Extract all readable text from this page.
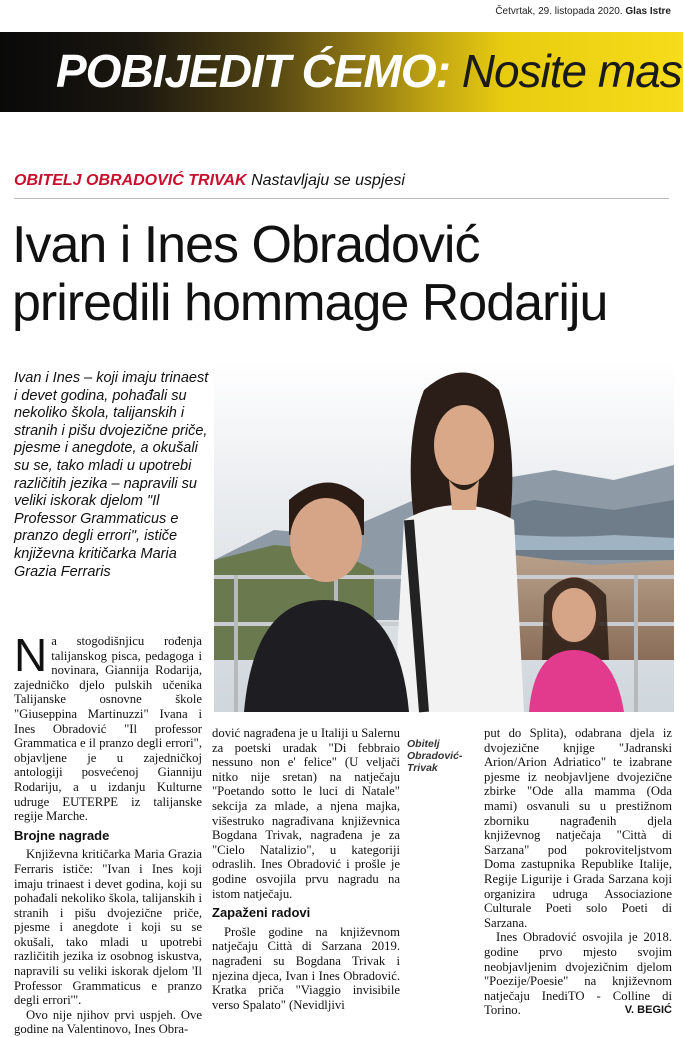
Četvrtak, 29. listopada 2020. Glas Istre
POBIJEDIT ĆEMO: Nosite mas
OBITELJ OBRADOVIĆ TRIVAK Nastavljaju se uspjesi
Ivan i Ines Obradović
priredili hommage Rodariju
Ivan i Ines – koji imaju trinaest i devet godina, pohađali su nekoliko škola, talijanskih i stranih i pišu dvojezične priče, pjesme i anegdote, a okušali su se, tako mladi u upotrebi različitih jezika – napravili su veliki iskorak djelom "Il Professor Grammaticus e pranzo degli errori", ističe književna kritičarka Maria Grazia Ferraris
Obitelj Obradović-Trivak

Na stogodišnjicu rođenja talijanskog pisca, pedagoga i novinara, Giannija Rodarija, zajedničko djelo pulskih učenika Talijanske osnovne škole "Giuseppina Martinuzzi" Ivana i Ines Obradović "Il professor Grammatica e il pranzo degli errori", objavljene je u zajedničkoj antologiji posvećenoj Gianniju Rodariju, a u izdanju Kulturne udruge EUTERPE iz talijanske regije Marche.

Brojne nagrade

Književna kritičarka Maria Grazia Ferraris ističe: "Ivan i Ines koji imaju trinaest i devet godina, koji su pohađali nekoliko škola, talijanskih i stranih i pišu dvojezične priče, pjesme i anegdote i koji su se okušali, tako mladi u upotrebi različitih jezika iz osobnog iskustva, napravili su veliki iskorak djelom 'Il Professor Grammaticus e pranzo degli errori'".

Ovo nije njihov prvi uspjeh. Ove godine na Valentinovo, Ines Obra-

dović nagrađena je u Italiji u Salernu za poetski uradak "Di febbraio nessuno non e' felice" (U veljači nitko nije sretan) na natječaju "Poetando sotto le luci di Natale" sekcija za mlade, a njena majka, višestruko nagrađivana književnica Bogdana Trivak, nagrađena je za "Cielo Natalizio", u kategoriji odraslih. Ines Obradović i prošle je godine osvojila prvu nagradu na istom natječaju.

Zapaženi radovi

Prošle godine na književnom natječaju Città di Sarzana 2019. nagrađeni su Bogdana Trivak i njezina djeca, Ivan i Ines Obradović. Kratka priča "Viaggio invisibile verso Spalato" (Nevidljivi

put do Splita), odabrana djela iz dvojezične knjige "Jadranski Arion/Arion Adriatico" te izabrane pjesme iz neobjavljene dvojezične zbirke "Ode alla mamma (Oda mami) osvanuli su u prestižnom zborniku nagrađenih djela književnog natječaja "Città di Sarzana" pod pokroviteljstvom Doma zastupnika Republike Italije, Regije Ligurije i Grada Sarzana koji organizira udruga Associazione Culturale Poeti solo Poeti di Sarzana.

Ines Obradović osvojila je 2018. godine prvo mjesto svojim neobjavljenim dvojezičnim djelom "Poezije/Poesie" na književnom natječaju InediTO - Colline di Torino.	V. BEGIĆ
